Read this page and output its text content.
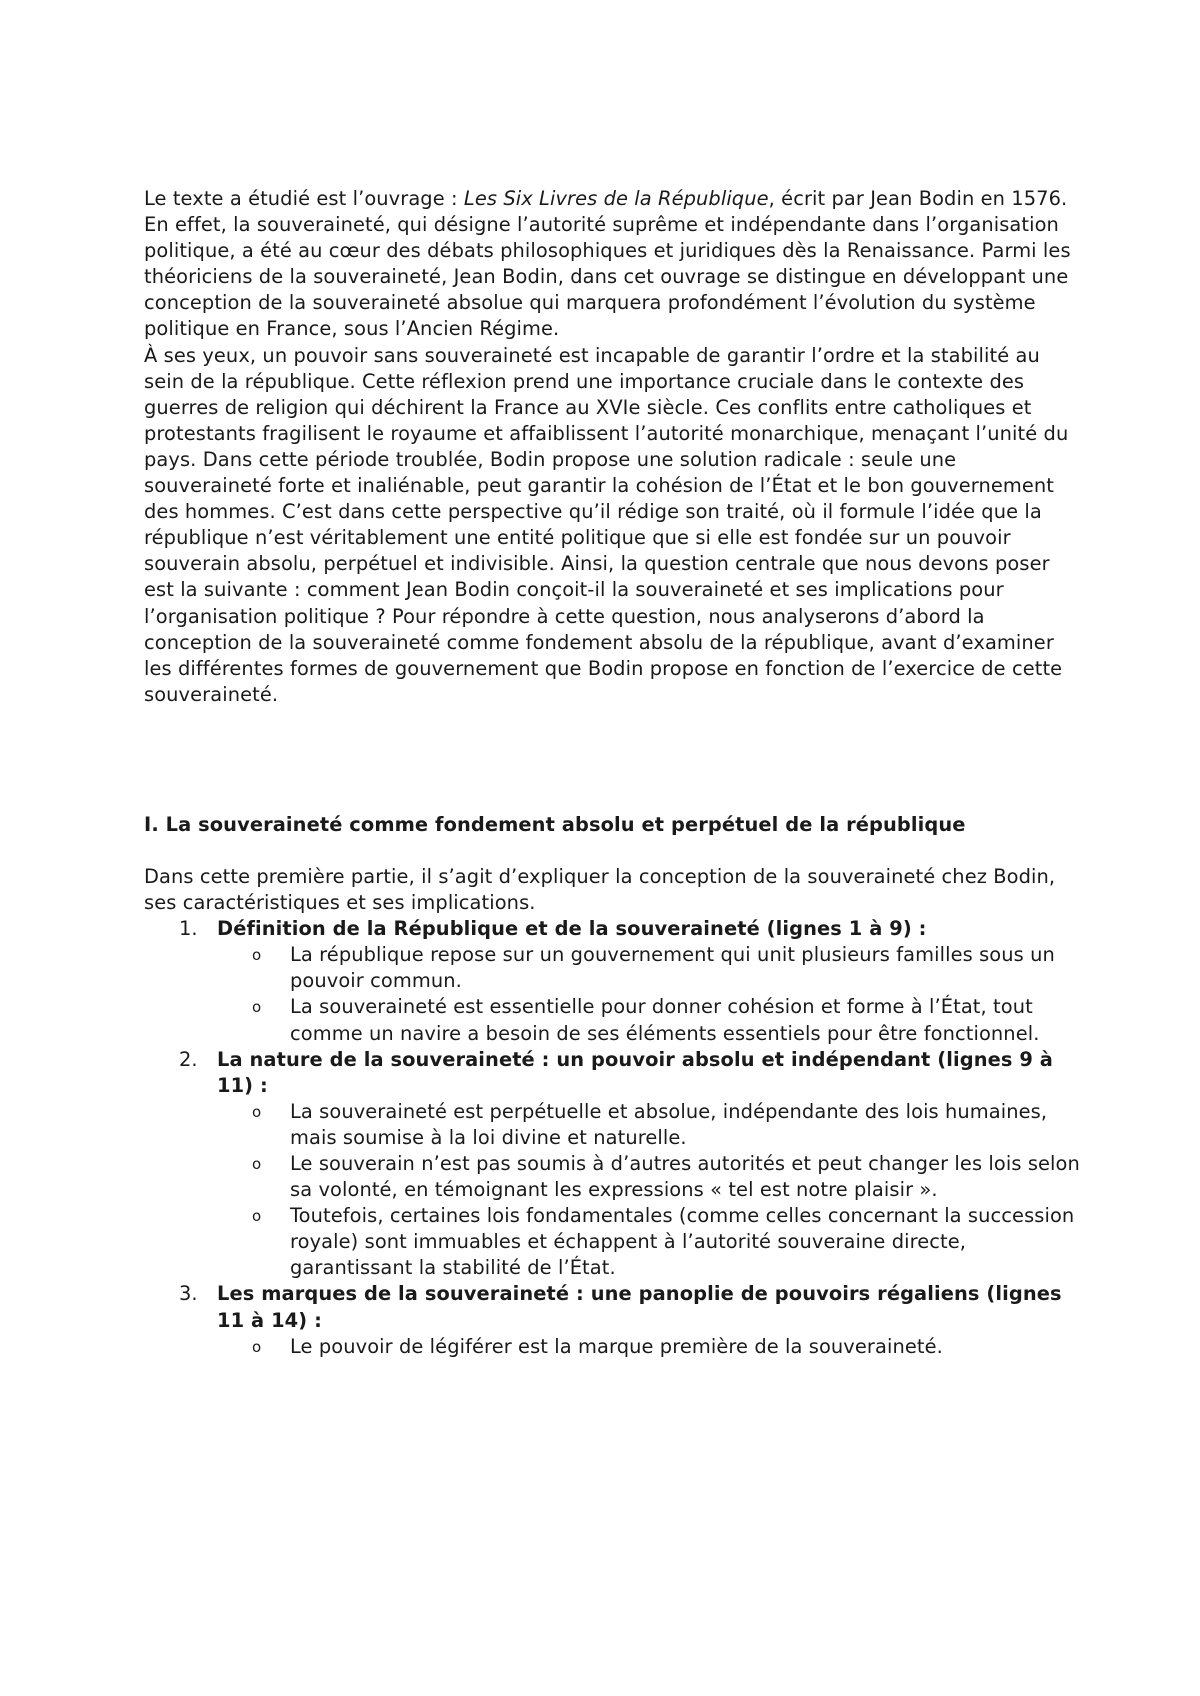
Le texte a étudié est l’ouvrage : Les Six Livres de la République, écrit par Jean Bodin en 1576.

En effet, la souveraineté, qui désigne l’autorité suprême et indépendante dans l’organisation politique, a été au cœur des débats philosophiques et juridiques dès la Renaissance. Parmi les théoriciens de la souveraineté, Jean Bodin, dans cet ouvrage se distingue en développant une conception de la souveraineté absolue qui marquera profondément l’évolution du système politique en France, sous l’Ancien Régime.

À ses yeux, un pouvoir sans souveraineté est incapable de garantir l’ordre et la stabilité au sein de la république. Cette réflexion prend une importance cruciale dans le contexte des guerres de religion qui déchirent la France au XVIe siècle. Ces conflits entre catholiques et protestants fragilisent le royaume et affaiblissent l’autorité monarchique, menaçant l’unité du pays. Dans cette période troublée, Bodin propose une solution radicale : seule une souveraineté forte et inaliénable, peut garantir la cohésion de l’État et le bon gouvernement des hommes. C’est dans cette perspective qu’il rédige son traité, où il formule l’idée que la république n’est véritablement une entité politique que si elle est fondée sur un pouvoir souverain absolu, perpétuel et indivisible. Ainsi, la question centrale que nous devons poser est la suivante : comment Jean Bodin conçoit-il la souveraineté et ses implications pour l’organisation politique ? Pour répondre à cette question, nous analyserons d’abord la conception de la souveraineté comme fondement absolu de la république, avant d’examiner les différentes formes de gouvernement que Bodin propose en fonction de l’exercice de cette souveraineté.

I. La souveraineté comme fondement absolu et perpétuel de la république

Dans cette première partie, il s’agit d’expliquer la conception de la souveraineté chez Bodin, ses caractéristiques et ses implications.

1. Définition de la République et de la souveraineté (lignes 1 à 9) :
o La république repose sur un gouvernement qui unit plusieurs familles sous un pouvoir commun.
o La souveraineté est essentielle pour donner cohésion et forme à l’État, tout comme un navire a besoin de ses éléments essentiels pour être fonctionnel.
2. La nature de la souveraineté : un pouvoir absolu et indépendant (lignes 9 à 11) :
o La souveraineté est perpétuelle et absolue, indépendante des lois humaines, mais soumise à la loi divine et naturelle.
o Le souverain n’est pas soumis à d’autres autorités et peut changer les lois selon sa volonté, en témoignant les expressions « tel est notre plaisir ».
o Toutefois, certaines lois fondamentales (comme celles concernant la succession royale) sont immuables et échappent à l’autorité souveraine directe, garantissant la stabilité de l’État.
3. Les marques de la souveraineté : une panoplie de pouvoirs régaliens (lignes 11 à 14) :
o Le pouvoir de légiférer est la marque première de la souveraineté.
